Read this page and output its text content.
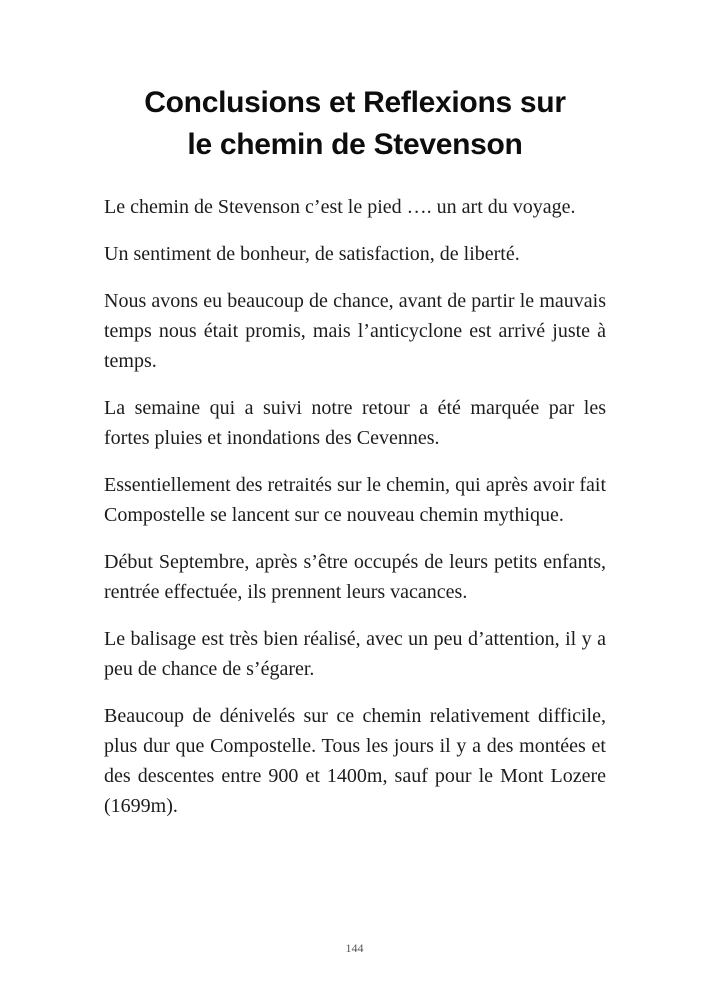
Conclusions et Reflexions sur
le chemin de Stevenson

Le chemin de Stevenson c’est le pied …. un art du voyage.

Un sentiment de bonheur, de satisfaction, de liberté.

Nous avons eu beaucoup de chance, avant de partir le mauvais temps nous était promis, mais l’anticyclone est arrivé juste à temps.

La semaine qui a suivi notre retour a été marquée par les fortes pluies et inondations des Cevennes.

Essentiellement des retraités sur le chemin, qui après avoir fait Compostelle se lancent sur ce nouveau chemin mythique.

Début Septembre, après s’être occupés de leurs petits enfants, rentrée effectuée, ils prennent leurs vacances.

Le balisage est très bien réalisé, avec un peu d’attention, il y a peu de chance de s’égarer.

Beaucoup de dénivelés sur ce chemin relativement difficile, plus dur que Compostelle. Tous les jours il y a des montées et des descentes entre 900 et 1400m, sauf pour le Mont Lozere (1699m).

144
